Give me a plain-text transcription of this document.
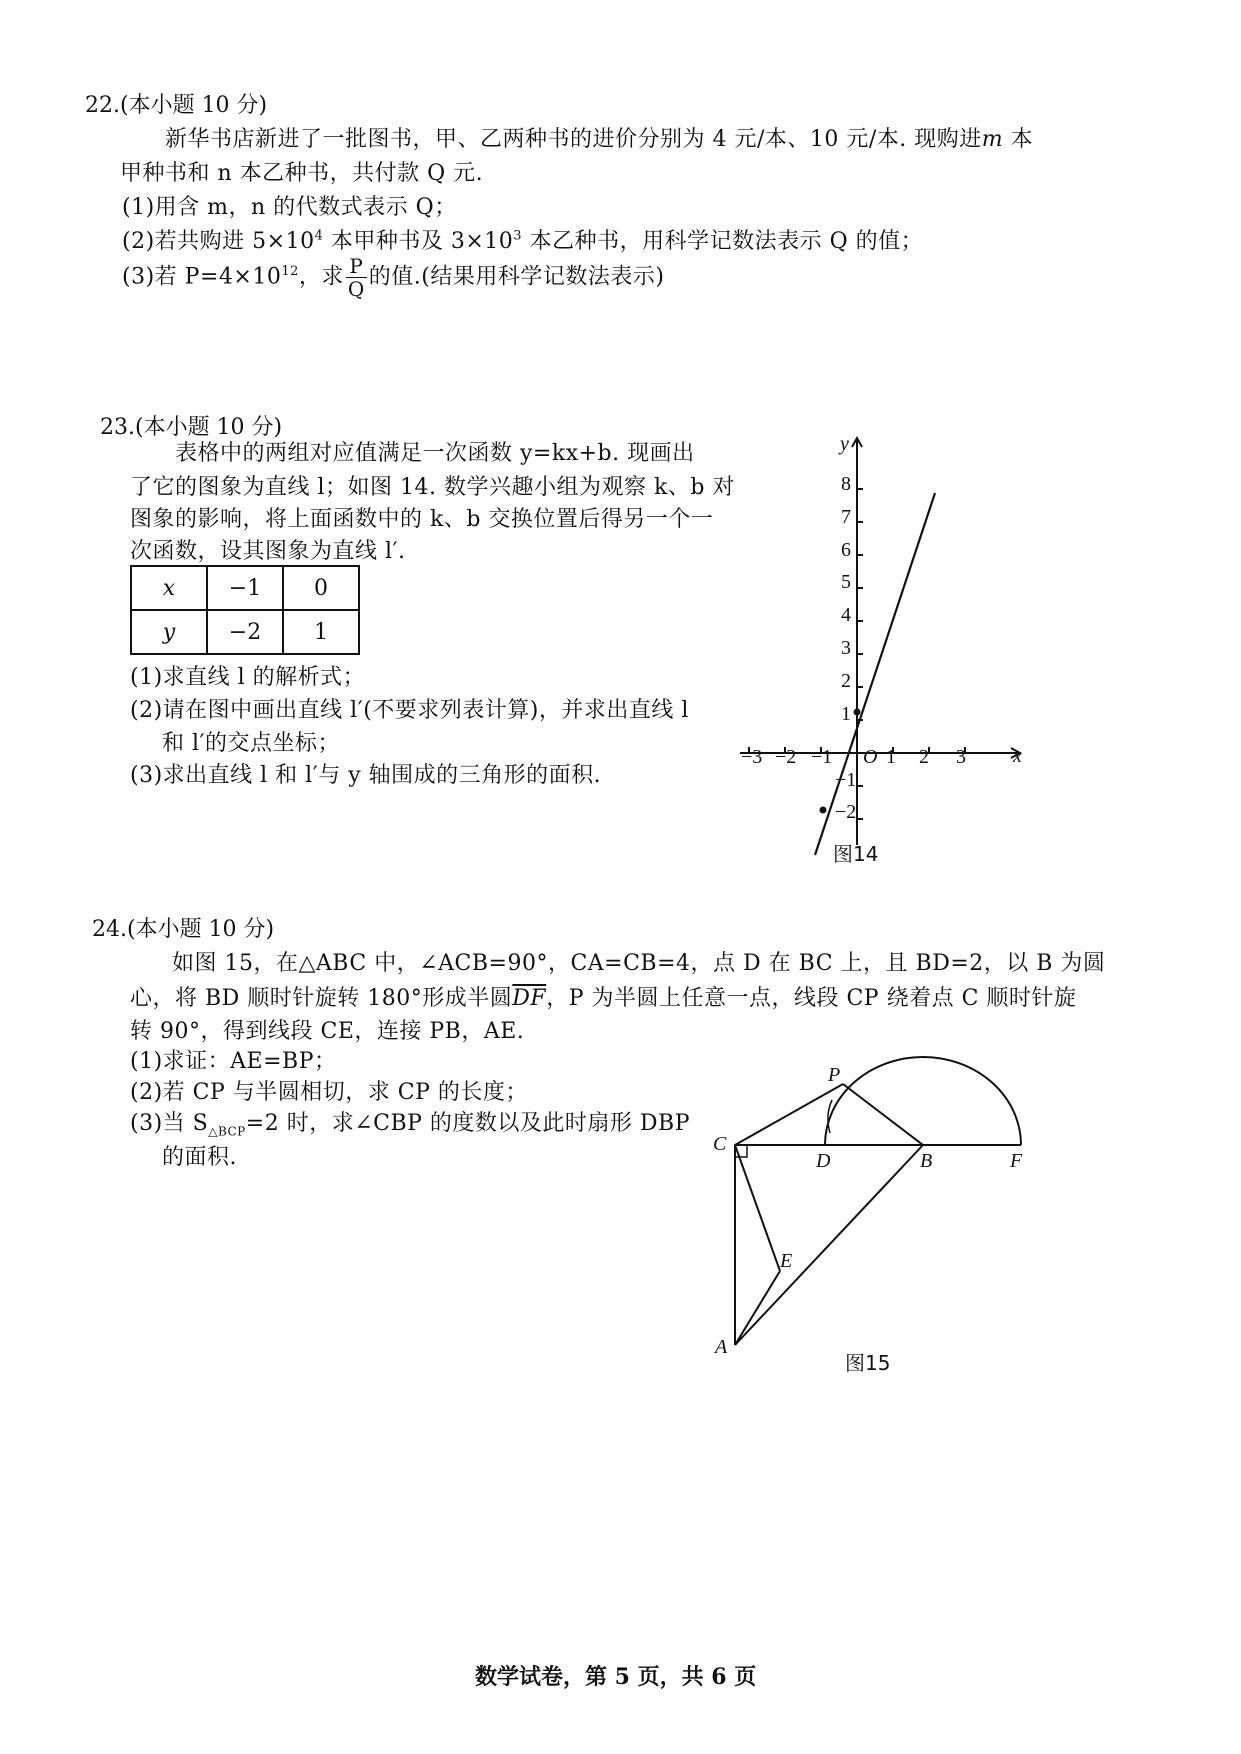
22.(本小题 10 分)
新华书店新进了一批图书，甲、乙两种书的进价分别为 4 元/本、10 元/本. 现购进m 本
甲种书和 n 本乙种书，共付款 Q 元.
(1)用含 m，n 的代数式表示 Q；
(2)若共购进 $5\times 10^4$ 本甲种书及 $3\times 10^3$ 本乙种书，用科学记数法表示 Q 的值；
(3)若 $P=4\times 10^{12}$，求 $\frac{P}{Q}$ 的值.(结果用科学记数法表示)
23.(本小题 10 分)
表格中的两组对应值满足一次函数 y=kx+b. 现画出
了它的图象为直线 l；如图 14. 数学兴趣小组为观察 k、b 对
图象的影响，将上面函数中的 k、b 交换位置后得另一个一
次函数，设其图象为直线 l′.
x	−1	0
y	−2	1
(1)求直线 l 的解析式；
(2)请在图中画出直线 l′(不要求列表计算)，并求出直线 l
和 l′的交点坐标；
(3)求出直线 l 和 l′与 y 轴围成的三角形的面积.
y
x
O
−3 −2 −1	1 2 3
8
7
6
5
4
3
2
1
−1
−2
图14
24.(本小题 10 分)
如图 15，在△ABC 中，∠ACB=90°，CA=CB=4，点 D 在 BC 上，且 BD=2，以 B 为圆
心，将 BD 顺时针旋转 180°形成半圆$\overline{DF}$，P 为半圆上任意一点，线段 CP 绕着点 C 顺时针旋
转 90°，得到线段 CE，连接 PB，AE.
(1)求证：AE=BP；
(2)若 CP 与半圆相切，求 CP 的长度；
(3)当 $S_{\triangle BCP}=2$ 时，求∠CBP 的度数以及此时扇形 DBP
的面积.
P
C
D	B	F
E
A
图15
数学试卷，第 5 页，共 6 页
